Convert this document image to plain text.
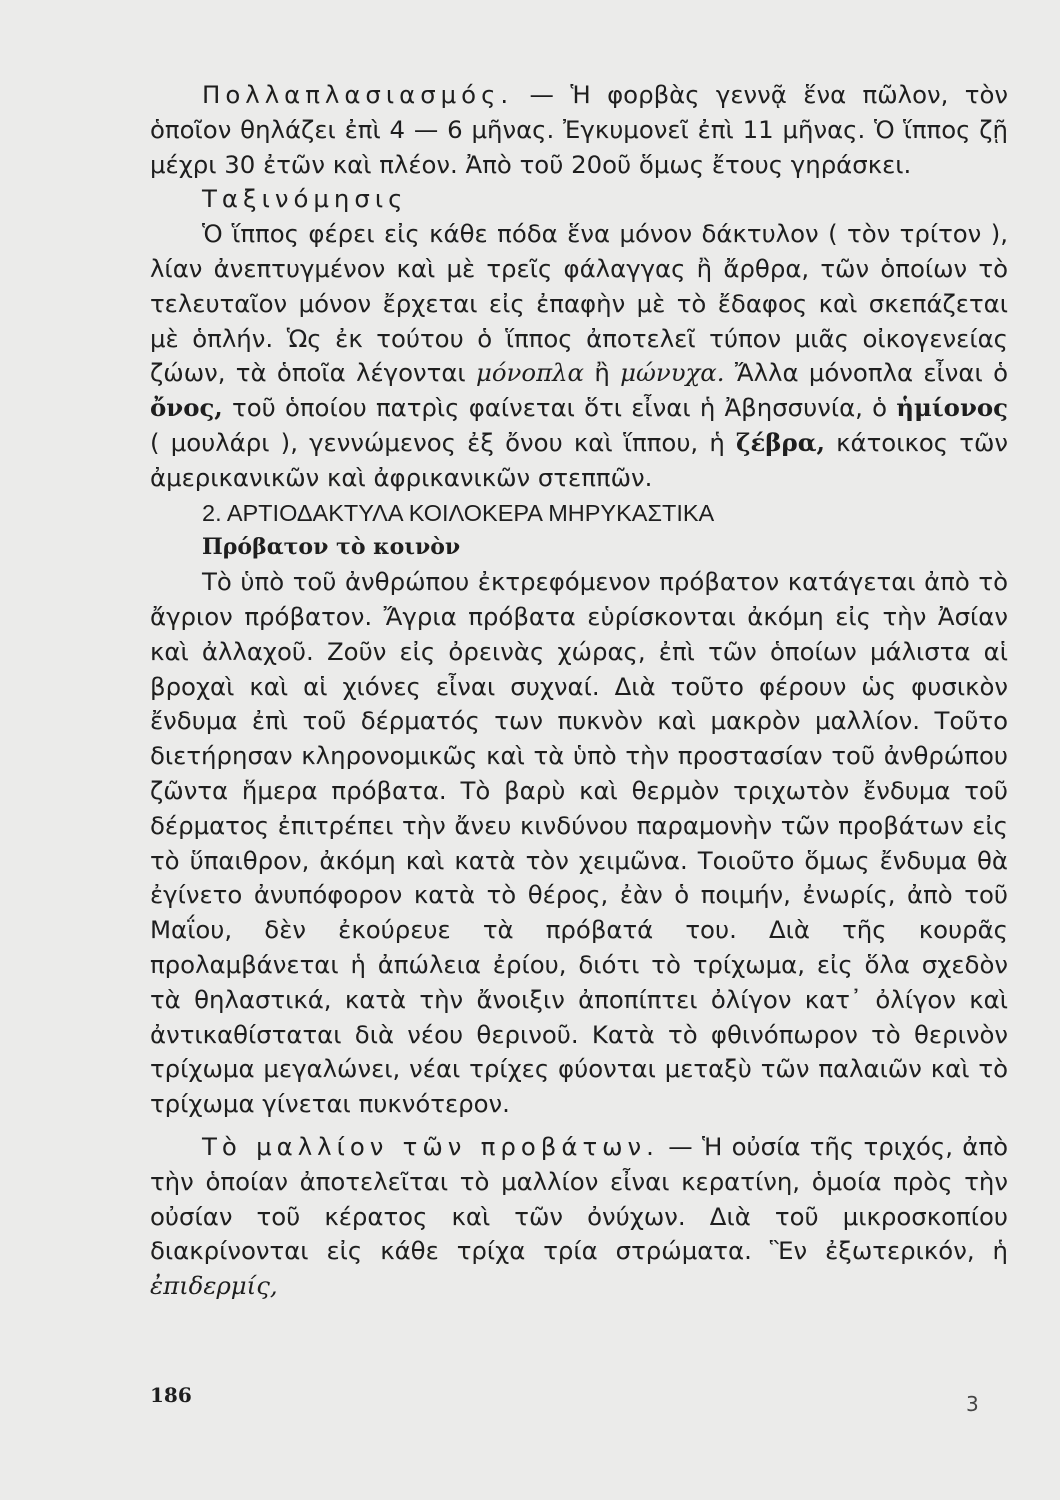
Πολλαπλασιασμός. — Ἡ φορβὰς γεννᾷ ἕνα πῶλον, τὸν ὁποῖον θηλάζει ἐπὶ 4 — 6 μῆνας. Ἐγκυμονεῖ ἐπὶ 11 μῆνας. Ὁ ἵππος ζῇ μέχρι 30 ἐτῶν καὶ πλέον. Ἀπὸ τοῦ 20οῦ ὅμως ἔτους γηράσκει.

Ταξινόμησις

Ὁ ἵππος φέρει εἰς κάθε πόδα ἕνα μόνον δάκτυλον ( τὸν τρίτον ), λίαν ἀνεπτυγμένον καὶ μὲ τρεῖς φάλαγγας ἢ ἄρθρα, τῶν ὁποίων τὸ τελευταῖον μόνον ἔρχεται εἰς ἐπαφὴν μὲ τὸ ἔδαφος καὶ σκεπάζεται μὲ ὁπλήν. Ὡς ἐκ τούτου ὁ ἵππος ἀποτελεῖ τύπον μιᾶς οἰκογενείας ζώων, τὰ ὁποῖα λέγονται μόνοπλα ἢ μώνυχα. Ἄλλα μόνοπλα εἶναι ὁ ὄνος, τοῦ ὁποίου πατρὶς φαίνεται ὅτι εἶναι ἡ Ἀβησσυνία, ὁ ἡμίονος ( μουλάρι ), γεννώμενος ἐξ ὄνου καὶ ἵππου, ἡ ζέβρα, κάτοικος τῶν ἀμερικανικῶν καὶ ἀφρικανικῶν στεππῶν.

2. ΑΡΤΙΟΔΑΚΤΥΛΑ ΚΟΙΛΟΚΕΡΑ ΜΗΡΥΚΑΣΤΙΚΑ

Πρόβατον τὸ κοινὸν

Τὸ ὑπὸ τοῦ ἀνθρώπου ἐκτρεφόμενον πρόβατον κατάγεται ἀπὸ τὸ ἄγριον πρόβατον. Ἄγρια πρόβατα εὑρίσκονται ἀκόμη εἰς τὴν Ἀσίαν καὶ ἀλλαχοῦ. Ζοῦν εἰς ὀρεινὰς χώρας, ἐπὶ τῶν ὁποίων μάλιστα αἱ βροχαὶ καὶ αἱ χιόνες εἶναι συχναί. Διὰ τοῦτο φέρουν ὡς φυσικὸν ἔνδυμα ἐπὶ τοῦ δέρματός των πυκνὸν καὶ μακρὸν μαλλίον. Τοῦτο διετήρησαν κληρονομικῶς καὶ τὰ ὑπὸ τὴν προστασίαν τοῦ ἀνθρώπου ζῶντα ἥμερα πρόβατα. Τὸ βαρὺ καὶ θερμὸν τριχωτὸν ἔνδυμα τοῦ δέρματος ἐπιτρέπει τὴν ἄνευ κινδύνου παραμονὴν τῶν προβάτων εἰς τὸ ὕπαιθρον, ἀκόμη καὶ κατὰ τὸν χειμῶνα. Τοιοῦτο ὅμως ἔνδυμα θὰ ἐγίνετο ἀνυπόφορον κατὰ τὸ θέρος, ἐὰν ὁ ποιμήν, ἐνωρίς, ἀπὸ τοῦ Μαΐου, δὲν ἐκούρευε τὰ πρόβατά του. Διὰ τῆς κουρᾶς προλαμβάνεται ἡ ἀπώλεια ἐρίου, διότι τὸ τρίχωμα, εἰς ὅλα σχεδὸν τὰ θηλαστικά, κατὰ τὴν ἄνοιξιν ἀποπίπτει ὀλίγον κατ᾽ ὀλίγον καὶ ἀντικαθίσταται διὰ νέου θερινοῦ. Κατὰ τὸ φθινόπωρον τὸ θερινὸν τρίχωμα μεγαλώνει, νέαι τρίχες φύονται μεταξὺ τῶν παλαιῶν καὶ τὸ τρίχωμα γίνεται πυκνότερον.

Τὸ μαλλίον τῶν προβάτων. — Ἡ οὐσία τῆς τριχός, ἀπὸ τὴν ὁποίαν ἀποτελεῖται τὸ μαλλίον εἶναι κερατίνη, ὁμοία πρὸς τὴν οὐσίαν τοῦ κέρατος καὶ τῶν ὀνύχων. Διὰ τοῦ μικροσκοπίου διακρίνονται εἰς κάθε τρίχα τρία στρώματα. Ἓν ἐξωτερικόν, ἡ ἐπιδερμίς,

186	3
